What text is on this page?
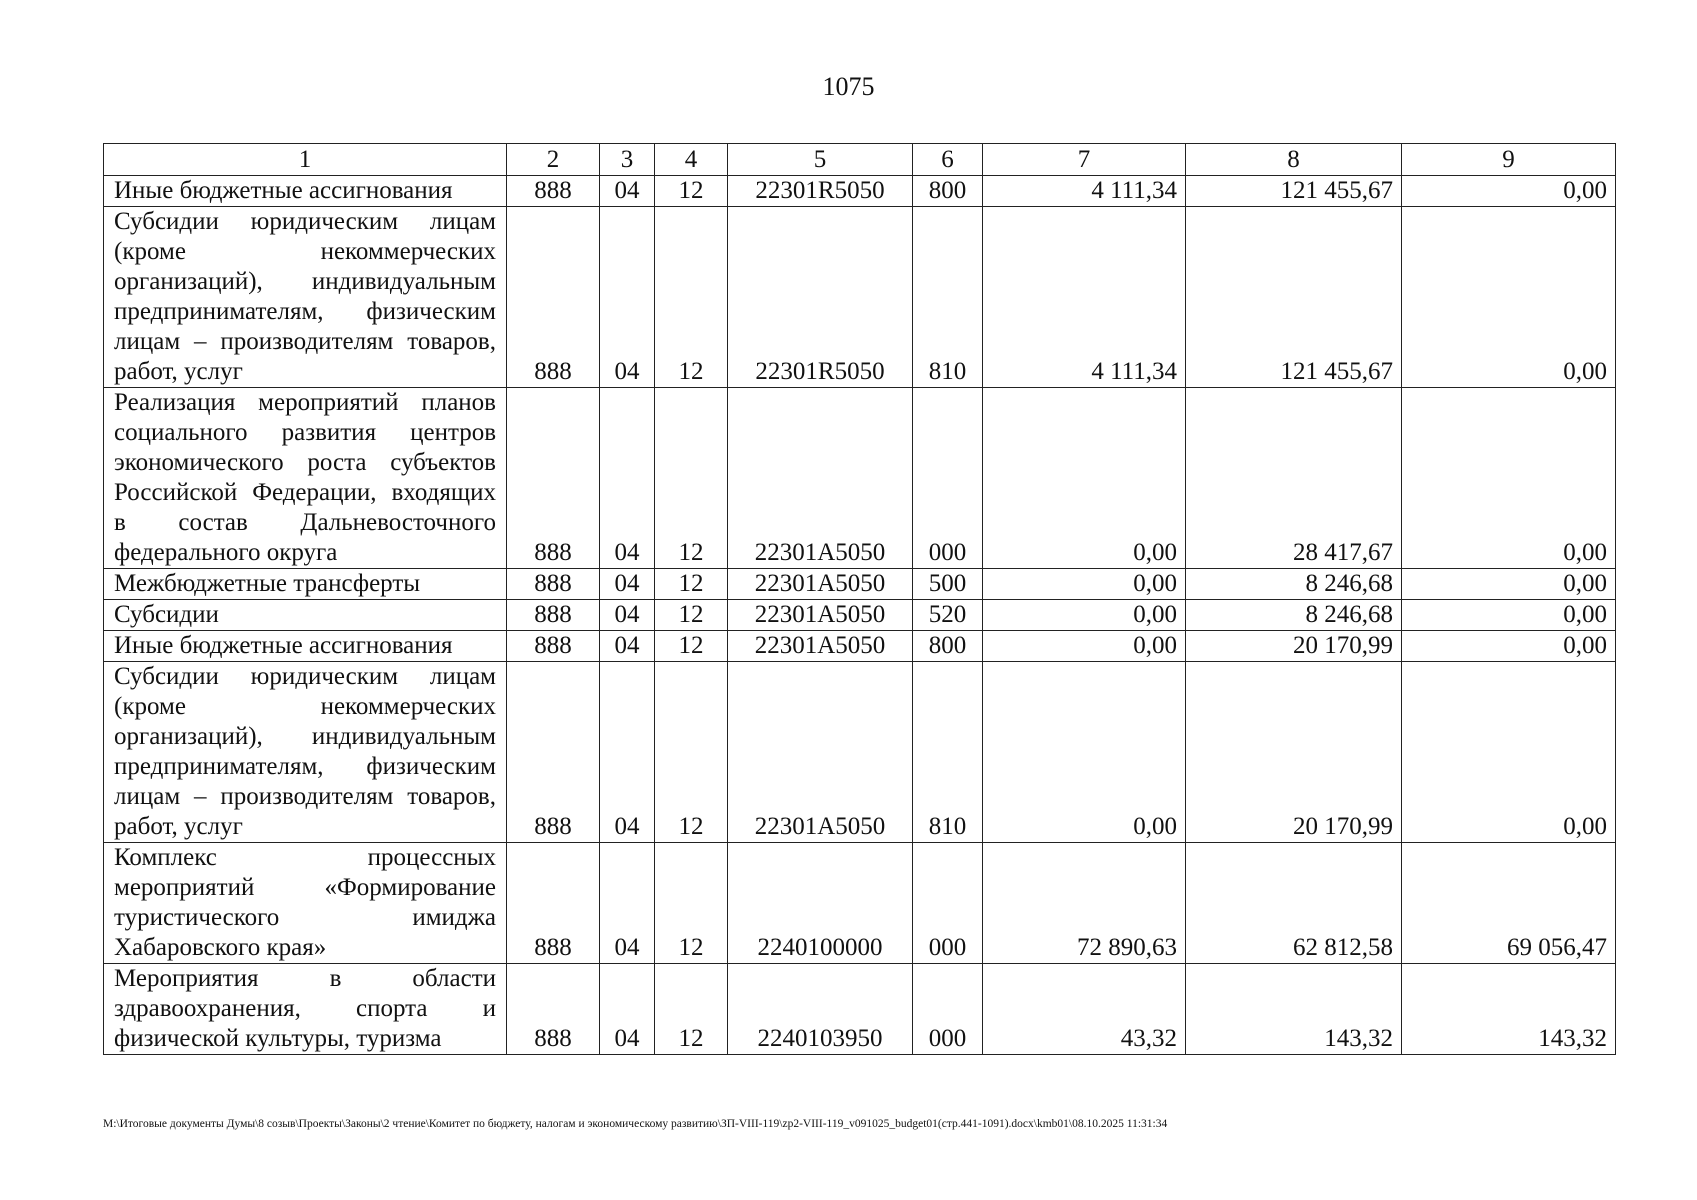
1075
1	2	3	4	5	6	7	8	9
Иные бюджетные ассигнования	888	04	12	22301R5050	800	4 111,34	121 455,67	0,00
Субсидии юридическим лицам (кроме некоммерческих организаций), индивидуальным предпринимателям, физическим лицам – производителям товаров, работ, услуг	888	04	12	22301R5050	810	4 111,34	121 455,67	0,00
Реализация мероприятий планов социального развития центров экономического роста субъектов Российской Федерации, входящих в состав Дальневосточного федерального округа	888	04	12	22301A5050	000	0,00	28 417,67	0,00
Межбюджетные трансферты	888	04	12	22301A5050	500	0,00	8 246,68	0,00
Субсидии	888	04	12	22301A5050	520	0,00	8 246,68	0,00
Иные бюджетные ассигнования	888	04	12	22301A5050	800	0,00	20 170,99	0,00
Субсидии юридическим лицам (кроме некоммерческих организаций), индивидуальным предпринимателям, физическим лицам – производителям товаров, работ, услуг	888	04	12	22301A5050	810	0,00	20 170,99	0,00
Комплекс процессных мероприятий «Формирование туристического имиджа Хабаровского края»	888	04	12	2240100000	000	72 890,63	62 812,58	69 056,47
Мероприятия в области здравоохранения, спорта и физической культуры, туризма	888	04	12	2240103950	000	43,32	143,32	143,32
M:\Итоговые документы Думы\8 созыв\Проекты\Законы\2 чтение\Комитет по бюджету, налогам и экономическому развитию\ЗП-VIII-119\zp2-VIII-119_v091025_budget01(стр.441-1091).docx\kmb01\08.10.2025 11:31:34
